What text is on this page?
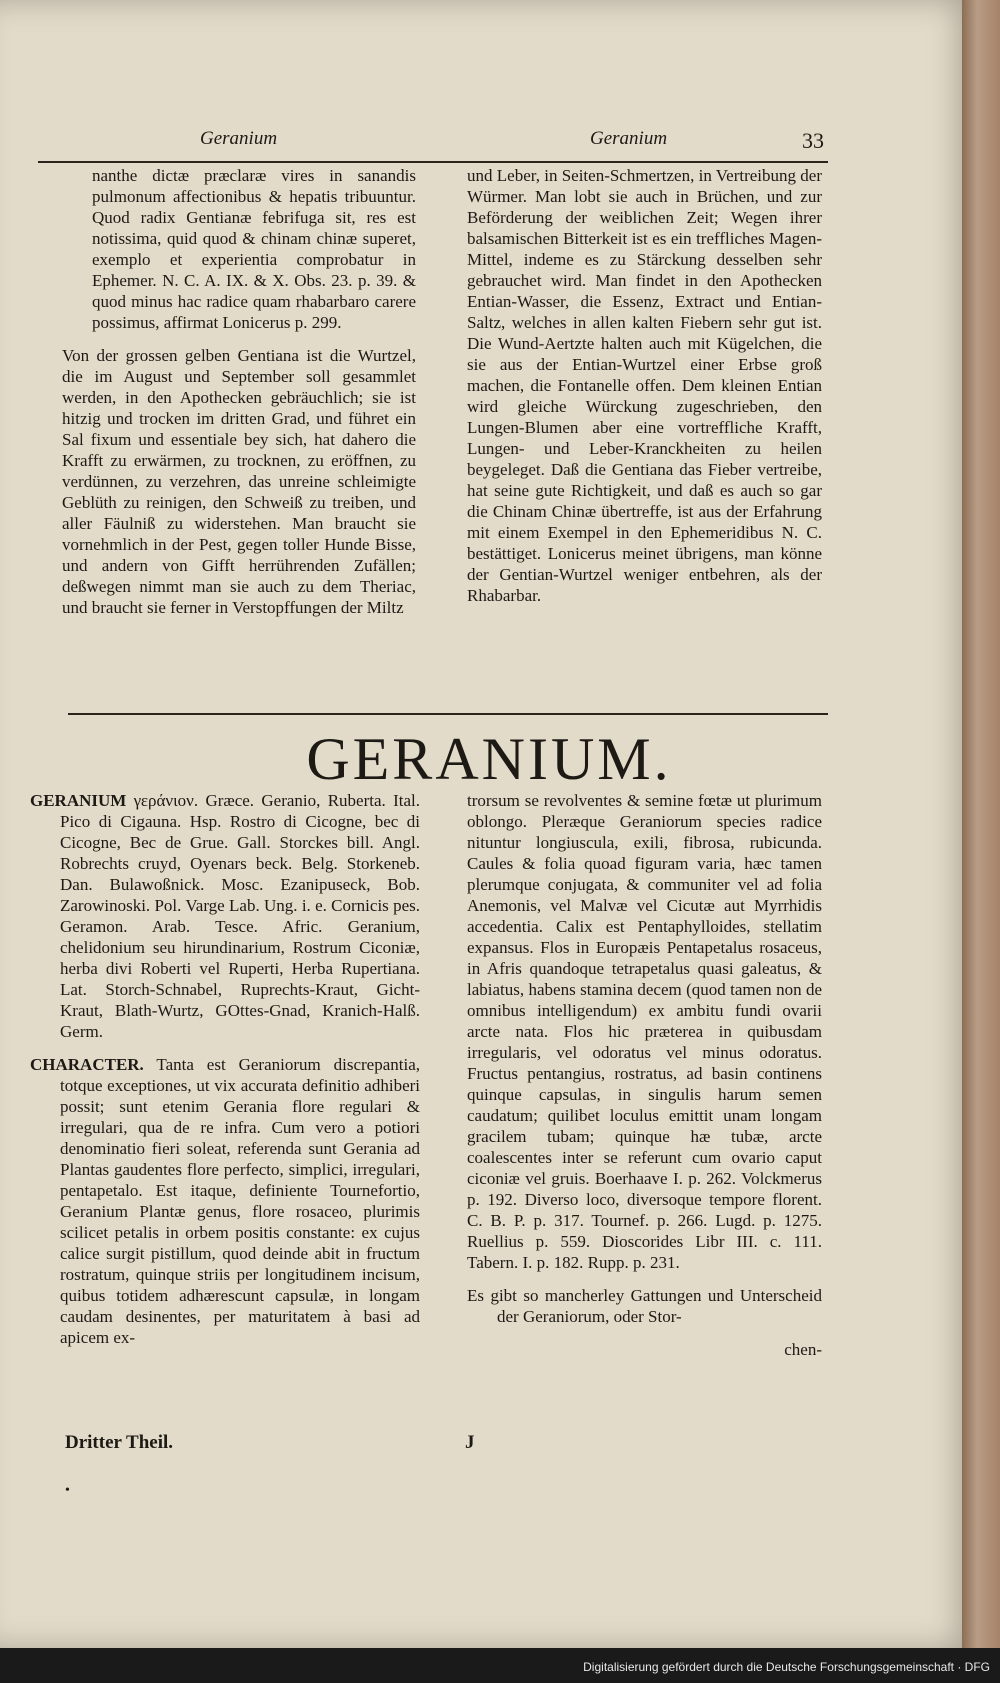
Geranium	Geranium	33

nanthe dictæ præclaræ vires in sanandis pulmonum affectionibus & hepatis tribuuntur. Quod radix Gentianæ febrifuga sit, res est notissima, quid quod & chinam chinæ superet, exemplo et experientia comprobatur in Ephemer. N. C. A. IX. & X. Obs. 23. p. 39. & quod minus hac radice quam rhabarbaro carere possimus, affirmat Lonicerus p. 299.

Von der grossen gelben Gentiana ist die Wurtzel, die im August und September soll gesammlet werden, in den Apothecken gebräuchlich; sie ist hitzig und trocken im dritten Grad, und führet ein Sal fixum und essentiale bey sich, hat dahero die Krafft zu erwärmen, zu trocknen, zu eröffnen, zu verdünnen, zu verzehren, das unreine schleimigte Geblüth zu reinigen, den Schweiß zu treiben, und aller Fäulniß zu widerstehen. Man braucht sie vornehmlich in der Pest, gegen toller Hunde Bisse, und andern von Gifft herrührenden Zufällen; deßwegen nimmt man sie auch zu dem Theriac, und braucht sie ferner in Verstopffungen der Miltz

und Leber, in Seiten-Schmertzen, in Vertreibung der Würmer. Man lobt sie auch in Brüchen, und zur Beförderung der weiblichen Zeit; Wegen ihrer balsamischen Bitterkeit ist es ein treffliches Magen-Mittel, indeme es zu Stärckung desselben sehr gebrauchet wird. Man findet in den Apothecken Entian-Wasser, die Essenz, Extract und Entian-Saltz, welches in allen kalten Fiebern sehr gut ist. Die Wund-Aertzte halten auch mit Kügelchen, die sie aus der Entian-Wurtzel einer Erbse groß machen, die Fontanelle offen. Dem kleinen Entian wird gleiche Würckung zugeschrieben, den Lungen-Blumen aber eine vortreffliche Krafft, Lungen- und Leber-Kranckheiten zu heilen beygeleget. Daß die Gentiana das Fieber vertreibe, hat seine gute Richtigkeit, und daß es auch so gar die Chinam Chinæ übertreffe, ist aus der Erfahrung mit einem Exempel in den Ephemeridibus N. C. bestättiget. Lonicerus meinet übrigens, man könne der Gentian-Wurtzel weniger entbehren, als der Rhabarbar.

GERANIUM.

GERANIUM γεράνιον. Græce. Geranio, Ruberta. Ital. Pico di Cigauna. Hsp. Rostro di Cicogne, bec di Cicogne, Bec de Grue. Gall. Storckes bill. Angl. Robrechts cruyd, Oyenars beck. Belg. Storkeneb. Dan. Bulawoßnick. Mosc. Ezanipuseck, Bob. Zarowinoski. Pol. Varge Lab. Ung. i. e. Cornicis pes. Geramon. Arab. Tesce. Afric. Geranium, chelidonium seu hirundinarium, Rostrum Ciconiæ, herba divi Roberti vel Ruperti, Herba Rupertiana. Lat. Storch-Schnabel, Ruprechts-Kraut, Gicht-Kraut, Blath-Wurtz, GOttes-Gnad, Kranich-Halß. Germ.

CHARACTER. Tanta est Geraniorum discrepantia, totque exceptiones, ut vix accurata definitio adhiberi possit; sunt etenim Gerania flore regulari & irregulari, qua de re infra. Cum vero a potiori denominatio fieri soleat, referenda sunt Gerania ad Plantas gaudentes flore perfecto, simplici, irregulari, pentapetalo. Est itaque, definiente Tournefortio, Geranium Plantæ genus, flore rosaceo, plurimis scilicet petalis in orbem positis constante: ex cujus calice surgit pistillum, quod deinde abit in fructum rostratum, quinque striis per longitudinem incisum, quibus totidem adhærescunt capsulæ, in longam caudam desinentes, per maturitatem à basi ad apicem ex-

trorsum se revolventes & semine fœtæ ut plurimum oblongo. Pleræque Geraniorum species radice nituntur longiuscula, exili, fibrosa, rubicunda. Caules & folia quoad figuram varia, hæc tamen plerumque conjugata, & communiter vel ad folia Anemonis, vel Malvæ vel Cicutæ aut Myrrhidis accedentia. Calix est Pentaphylloides, stellatim expansus. Flos in Europæis Pentapetalus rosaceus, in Afris quandoque tetrapetalus quasi galeatus, & labiatus, habens stamina decem (quod tamen non de omnibus intelligendum) ex ambitu fundi ovarii arcte nata. Flos hic præterea in quibusdam irregularis, vel odoratus vel minus odoratus. Fructus pentangius, rostratus, ad basin continens quinque capsulas, in singulis harum semen caudatum; quilibet loculus emittit unam longam gracilem tubam; quinque hæ tubæ, arcte coalescentes inter se referunt cum ovario caput ciconiæ vel gruis. Boerhaave I. p. 262. Volckmerus p. 192. Diverso loco, diversoque tempore florent. C. B. P. p. 317. Tournef. p. 266. Lugd. p. 1275. Ruellius p. 559. Dioscorides Libr III. c. 111. Tabern. I. p. 182. Rupp. p. 231.

Es gibt so mancherley Gattungen und Unterscheid der Geraniorum, oder Stor-

chen-

Dritter Theil.	J
•
Digitalisierung gefördert durch die Deutsche Forschungsgemeinschaft · DFG
